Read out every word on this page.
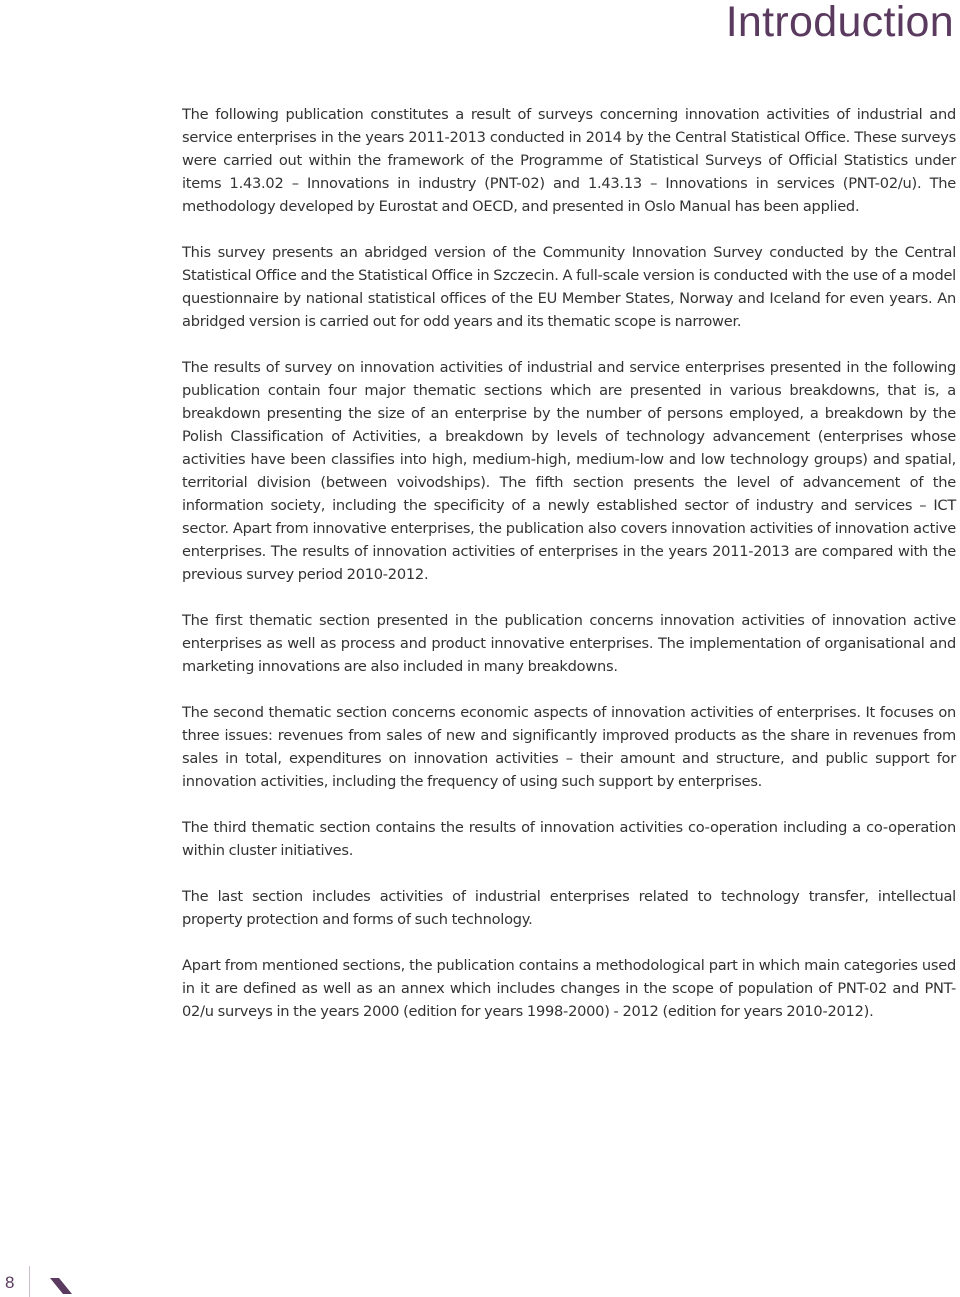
Introduction

The following publication constitutes a result of surveys concerning innovation activities of industrial and service enterprises in the years 2011-2013 conducted in 2014 by the Central Statistical Office. These surveys were carried out within the framework of the Programme of Statistical Surveys of Official Statistics under items 1.43.02 – Innovations in industry (PNT-02) and 1.43.13 – Innovations in services (PNT-02/u). The methodology developed by Eurostat and OECD, and presented in Oslo Manual has been applied.

This survey presents an abridged version of the Community Innovation Survey conducted by the Central Statistical Office and the Statistical Office in Szczecin. A full-scale version is conducted with the use of a model questionnaire by national statistical offices of the EU Member States, Norway and Iceland for even years. An abridged version is carried out for odd years and its thematic scope is narrower.

The results of survey on innovation activities of industrial and service enterprises presented in the following publication contain four major thematic sections which are presented in various breakdowns, that is, a breakdown presenting the size of an enterprise by the number of persons employed, a breakdown by the Polish Classification of Activities, a breakdown by levels of technology advancement (enterprises whose activities have been classifies into high, medium-high, medium-low and low technology groups) and spatial, territorial division (between voivodships). The fifth section presents the level of advancement of the information society, including the specificity of a newly established sector of industry and services – ICT sector. Apart from innovative enterprises, the publication also covers innovation activities of innovation active enterprises. The results of innovation activities of enterprises in the years 2011-2013 are compared with the previous survey period 2010-2012.

The first thematic section presented in the publication concerns innovation activities of innovation active enterprises as well as process and product innovative enterprises. The implementation of organisational and marketing innovations are also included in many breakdowns.

The second thematic section concerns economic aspects of innovation activities of enterprises. It focuses on three issues: revenues from sales of new and significantly improved products as the share in revenues from sales in total, expenditures on innovation activities – their amount and structure, and public support for innovation activities, including the frequency of using such support by enterprises.

The third thematic section contains the results of innovation activities co-operation including a co-operation within cluster initiatives.

The last section includes activities of industrial enterprises related to technology transfer, intellectual property protection and forms of such technology.

Apart from mentioned sections, the publication contains a methodological part in which main categories used in it are defined as well as an annex which includes changes in the scope of population of PNT-02 and PNT-02/u surveys in the years 2000 (edition for years 1998-2000) - 2012 (edition for years 2010-2012).

8
